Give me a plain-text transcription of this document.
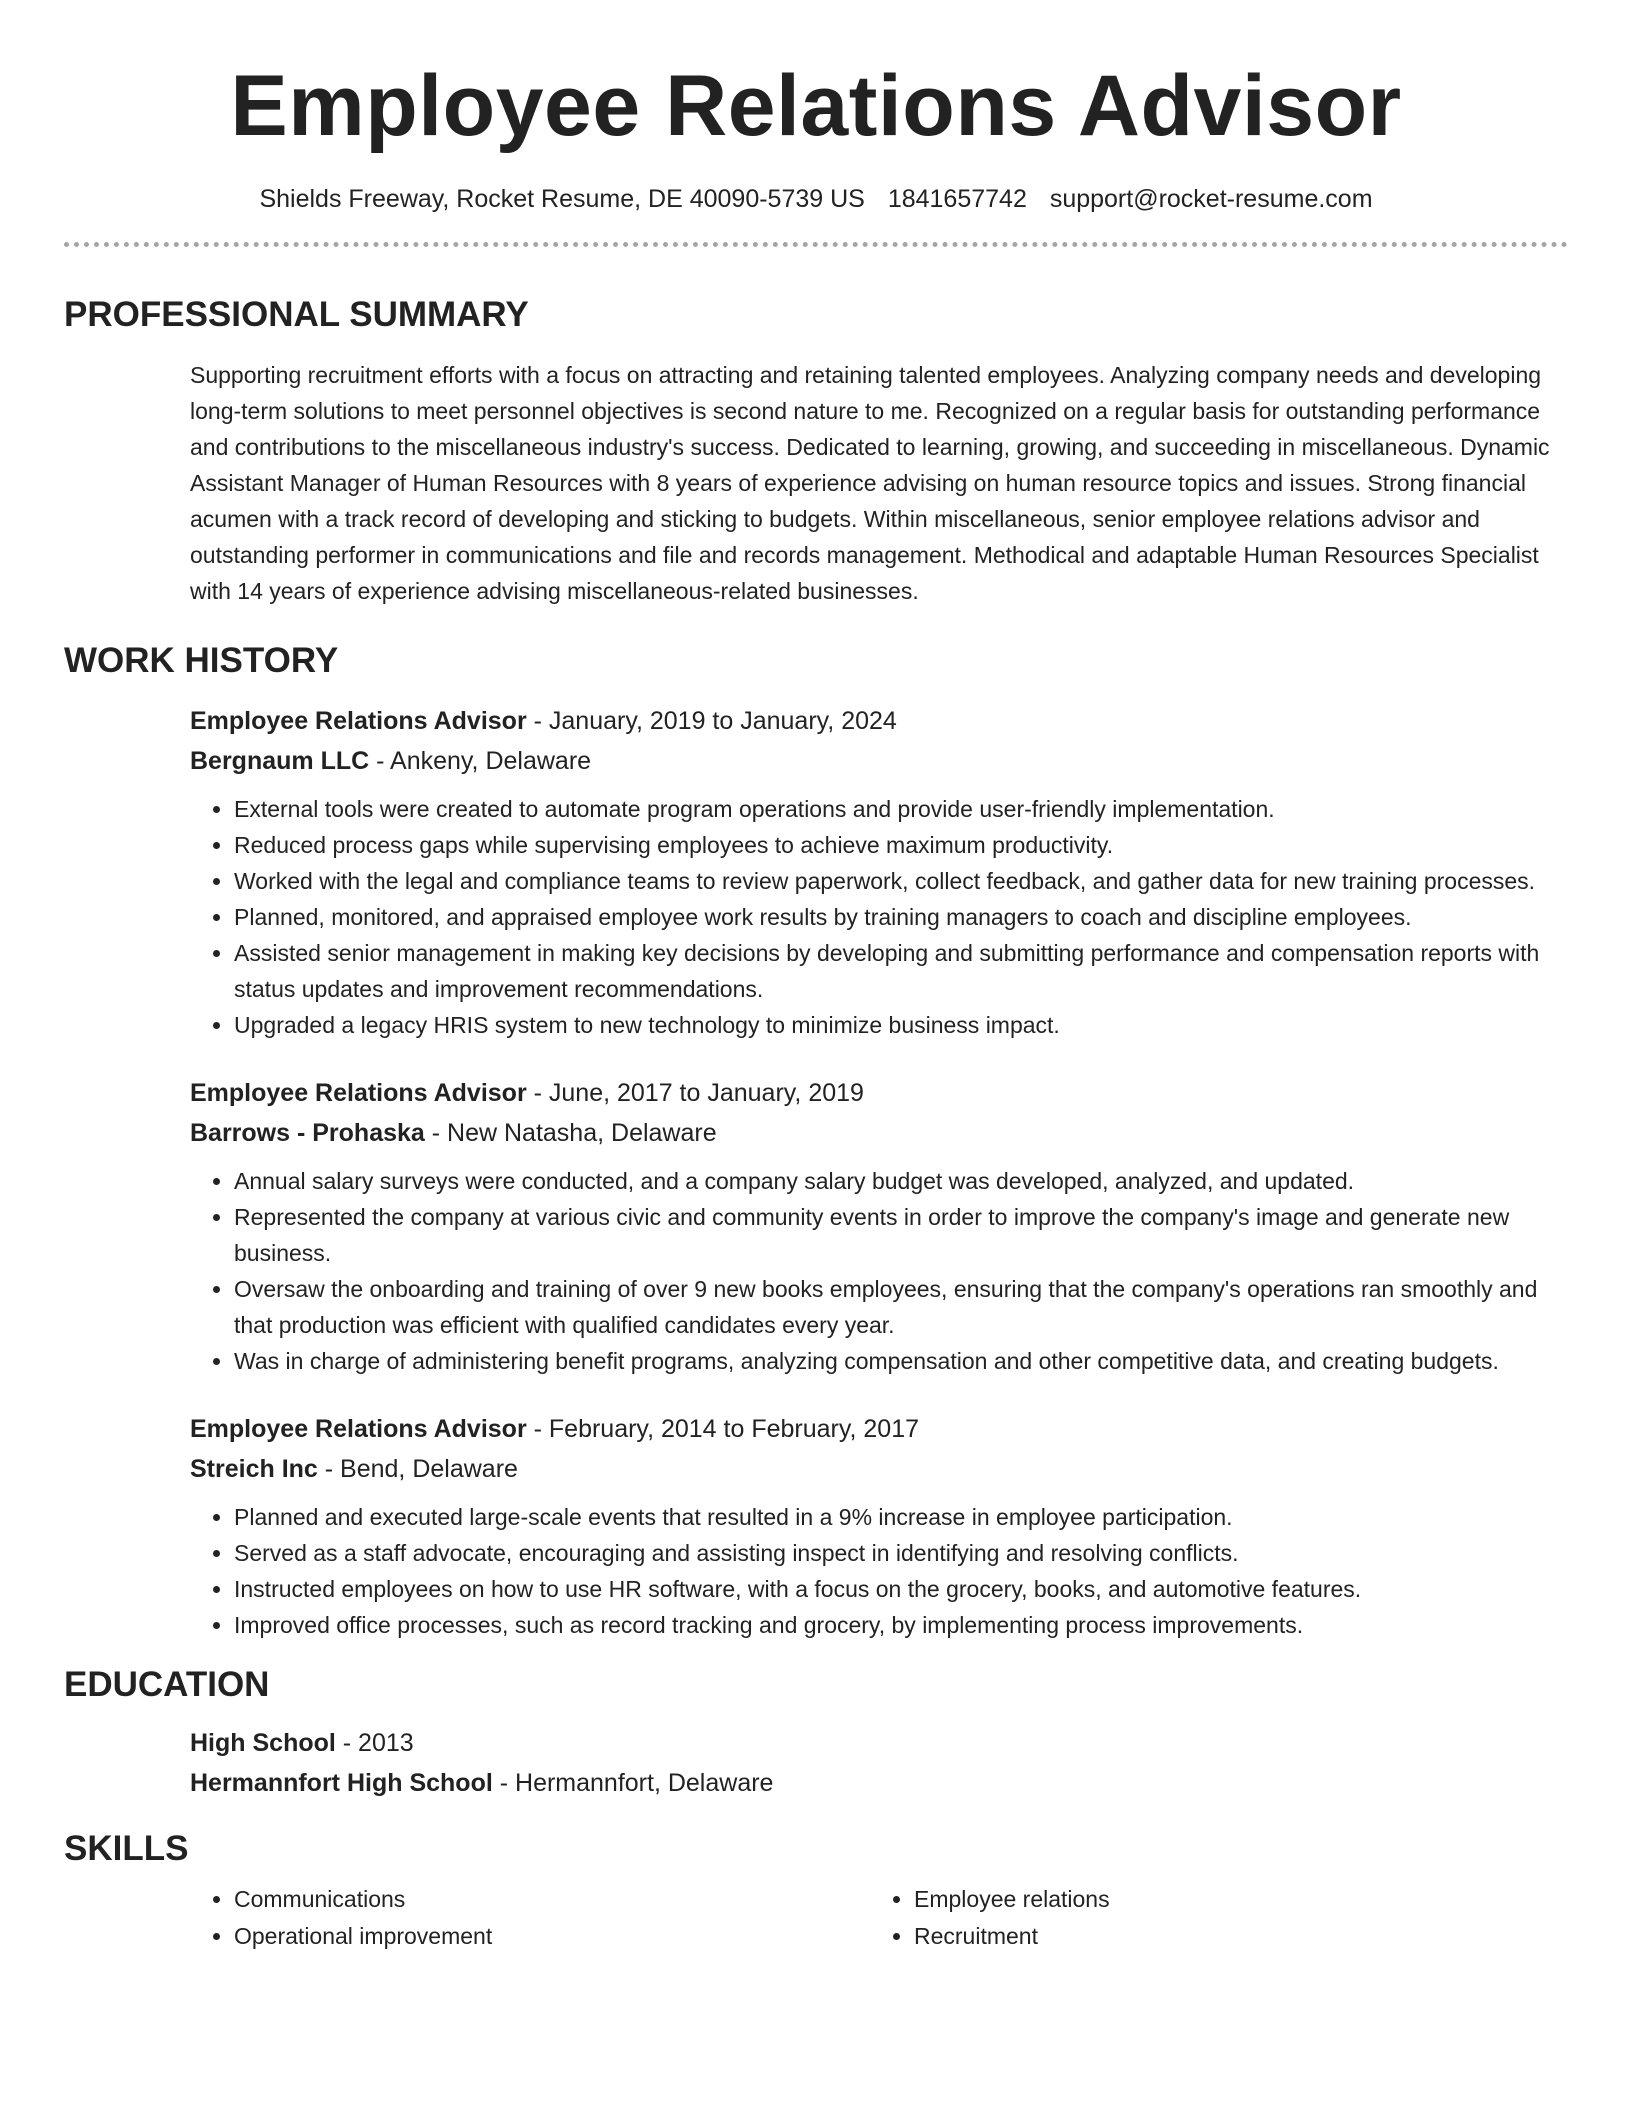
Employee Relations Advisor
Shields Freeway, Rocket Resume, DE 40090-5739 US 1841657742 support@rocket-resume.com
PROFESSIONAL SUMMARY
Supporting recruitment efforts with a focus on attracting and retaining talented employees. Analyzing company needs and developing long-term solutions to meet personnel objectives is second nature to me. Recognized on a regular basis for outstanding performance and contributions to the miscellaneous industry's success. Dedicated to learning, growing, and succeeding in miscellaneous. Dynamic Assistant Manager of Human Resources with 8 years of experience advising on human resource topics and issues. Strong financial acumen with a track record of developing and sticking to budgets. Within miscellaneous, senior employee relations advisor and outstanding performer in communications and file and records management. Methodical and adaptable Human Resources Specialist with 14 years of experience advising miscellaneous-related businesses.
WORK HISTORY
Employee Relations Advisor - January, 2019 to January, 2024
Bergnaum LLC - Ankeny, Delaware
• External tools were created to automate program operations and provide user-friendly implementation.
• Reduced process gaps while supervising employees to achieve maximum productivity.
• Worked with the legal and compliance teams to review paperwork, collect feedback, and gather data for new training processes.
• Planned, monitored, and appraised employee work results by training managers to coach and discipline employees.
• Assisted senior management in making key decisions by developing and submitting performance and compensation reports with status updates and improvement recommendations.
• Upgraded a legacy HRIS system to new technology to minimize business impact.
Employee Relations Advisor - June, 2017 to January, 2019
Barrows - Prohaska - New Natasha, Delaware
• Annual salary surveys were conducted, and a company salary budget was developed, analyzed, and updated.
• Represented the company at various civic and community events in order to improve the company's image and generate new business.
• Oversaw the onboarding and training of over 9 new books employees, ensuring that the company's operations ran smoothly and that production was efficient with qualified candidates every year.
• Was in charge of administering benefit programs, analyzing compensation and other competitive data, and creating budgets.
Employee Relations Advisor - February, 2014 to February, 2017
Streich Inc - Bend, Delaware
• Planned and executed large-scale events that resulted in a 9% increase in employee participation.
• Served as a staff advocate, encouraging and assisting inspect in identifying and resolving conflicts.
• Instructed employees on how to use HR software, with a focus on the grocery, books, and automotive features.
• Improved office processes, such as record tracking and grocery, by implementing process improvements.
EDUCATION
High School - 2013
Hermannfort High School - Hermannfort, Delaware
SKILLS
• Communications
• Operational improvement
• Employee relations
• Recruitment
